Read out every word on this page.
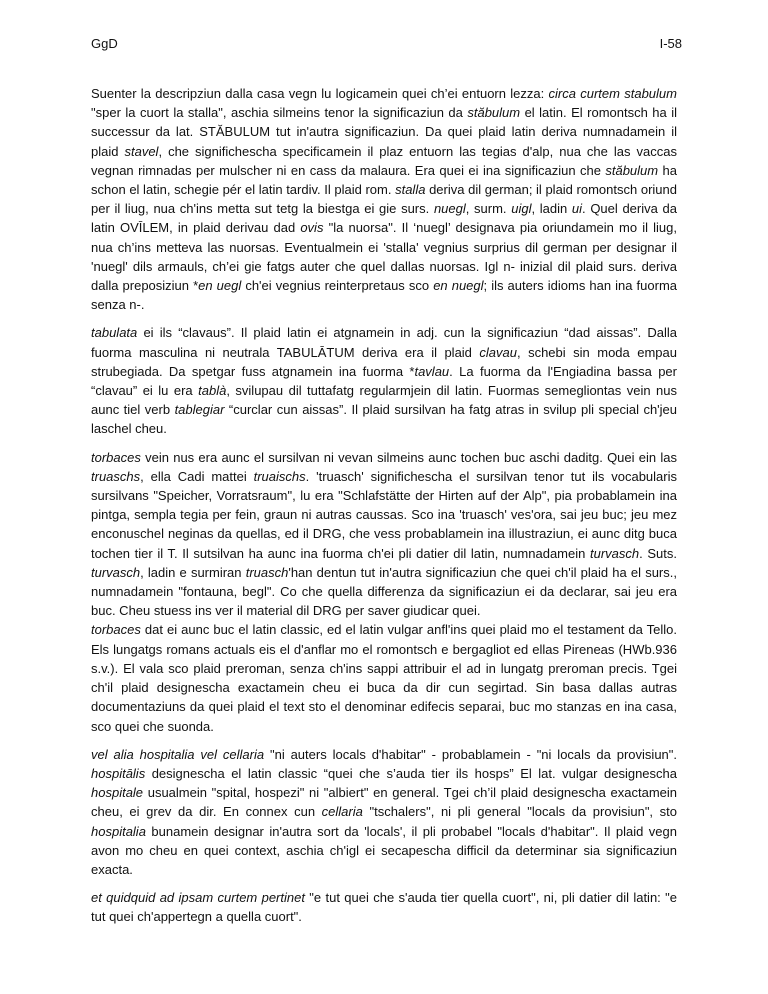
GgD	I-58

Suenter la descripziun dalla casa vegn lu logicamein quei ch’ei entuorn lezza: circa curtem stabulum "sper la cuort la stalla", aschia silmeins tenor la significaziun da stăbulum el latin. El romontsch ha il successur da lat. STĂBULUM tut in'autra significaziun. Da quei plaid latin deriva numnadamein il plaid stavel, che significhescha specificamein il plaz entuorn las tegias d'alp, nua che las vaccas vegnan rimnadas per mulscher ni en cass da malaura. Era quei ei ina significaziun che stăbulum ha schon el latin, schegie pér el latin tardiv. Il plaid rom. stalla deriva dil german; il plaid romontsch oriund per il liug, nua ch'ins metta sut tetg la biestga ei gie surs. nuegl, surm. uigl, ladin ui. Quel deriva da latin OVĪLEM, in plaid derivau dad ovis "la nuorsa". Il ‘nuegl’ designava pia oriundamein mo il liug, nua ch’ins metteva las nuorsas. Eventualmein ei 'stalla' vegnius surprius dil german per designar il 'nuegl' dils armauls, ch’ei gie fatgs auter che quel dallas nuorsas. Igl n- inizial dil plaid surs. deriva dalla preposiziun *en uegl ch'ei vegnius reinterpretaus sco en nuegl; ils auters idioms han ina fuorma senza n-.

tabulata ei ils “clavaus”. Il plaid latin ei atgnamein in adj. cun la significaziun “dad aissas”. Dalla fuorma masculina ni neutrala TABULĀTUM deriva era il plaid clavau, schebi sin moda empau strubegiada. Da spetgar fuss atgnamein ina fuorma *tavlau. La fuorma da l'Engiadina bassa per “clavau” ei lu era tablà, svilupau dil tuttafatg regularmjein dil latin. Fuormas semegliontas vein nus aunc tiel verb tablegiar “curclar cun aissas”. Il plaid sursilvan ha fatg atras in svilup pli special ch'jeu laschel cheu.

torbaces vein nus era aunc el sursilvan ni vevan silmeins aunc tochen buc aschi daditg. Quei ein las truaschs, ella Cadi mattei truaischs. 'truasch' significhescha el sursilvan tenor tut ils vocabularis sursilvans "Speicher, Vorratsraum", lu era "Schlafstätte der Hirten auf der Alp", pia probablamein ina pintga, sempla tegia per fein, graun ni autras caussas. Sco ina 'truasch' ves'ora, sai jeu buc; jeu mez enconuschel neginas da quellas, ed il DRG, che vess probablamein ina illustraziun, ei aunc ditg buca tochen tier il T. Il sutsilvan ha aunc ina fuorma ch'ei pli datier dil latin, numnadamein turvasch. Suts. turvasch, ladin e surmiran truasch'han dentun tut in'autra significaziun che quei ch'il plaid ha el surs., numnadamein "fontauna, begl". Co che quella differenza da significaziun ei da declarar, sai jeu era buc. Cheu stuess ins ver il material dil DRG per saver giudicar quei.

torbaces dat ei aunc buc el latin classic, ed el latin vulgar anfl'ins quei plaid mo el testament da Tello. Els lungatgs romans actuals eis el d'anflar mo el romontsch e bergagliot ed ellas Pireneas (HWb.936 s.v.). El vala sco plaid preroman, senza ch'ins sappi attribuir el ad in lungatg preroman precis. Tgei ch'il plaid designescha exactamein cheu ei buca da dir cun segirtad. Sin basa dallas autras documentaziuns da quei plaid el text sto el denominar edifecis separai, buc mo stanzas en ina casa, sco quei che suonda.

vel alia hospitalia vel cellaria "ni auters locals d'habitar" - probablamein - "ni locals da provisiun". hospitālis designescha el latin classic “quei che s’auda tier ils hosps” El lat. vulgar designescha hospitale usualmein "spital, hospezi" ni "albiert" en general. Tgei ch’il plaid designescha exactamein cheu, ei grev da dir. En connex cun cellaria "tschalers", ni pli generаl "locals da provisiun", sto hospitalia bunamein designar in'autra sort da 'locals', il pli probabel "locals d'habitar". Il plaid vegn avon mo cheu en quei context, aschia ch'igl ei secapescha difficil da determinar sia significaziun exacta.

et quidquid ad ipsam curtem pertinet "e tut quei che s'auda tier quella cuort", ni, pli datier dil latin: "e tut quei ch'appertegn a quella cuort".
